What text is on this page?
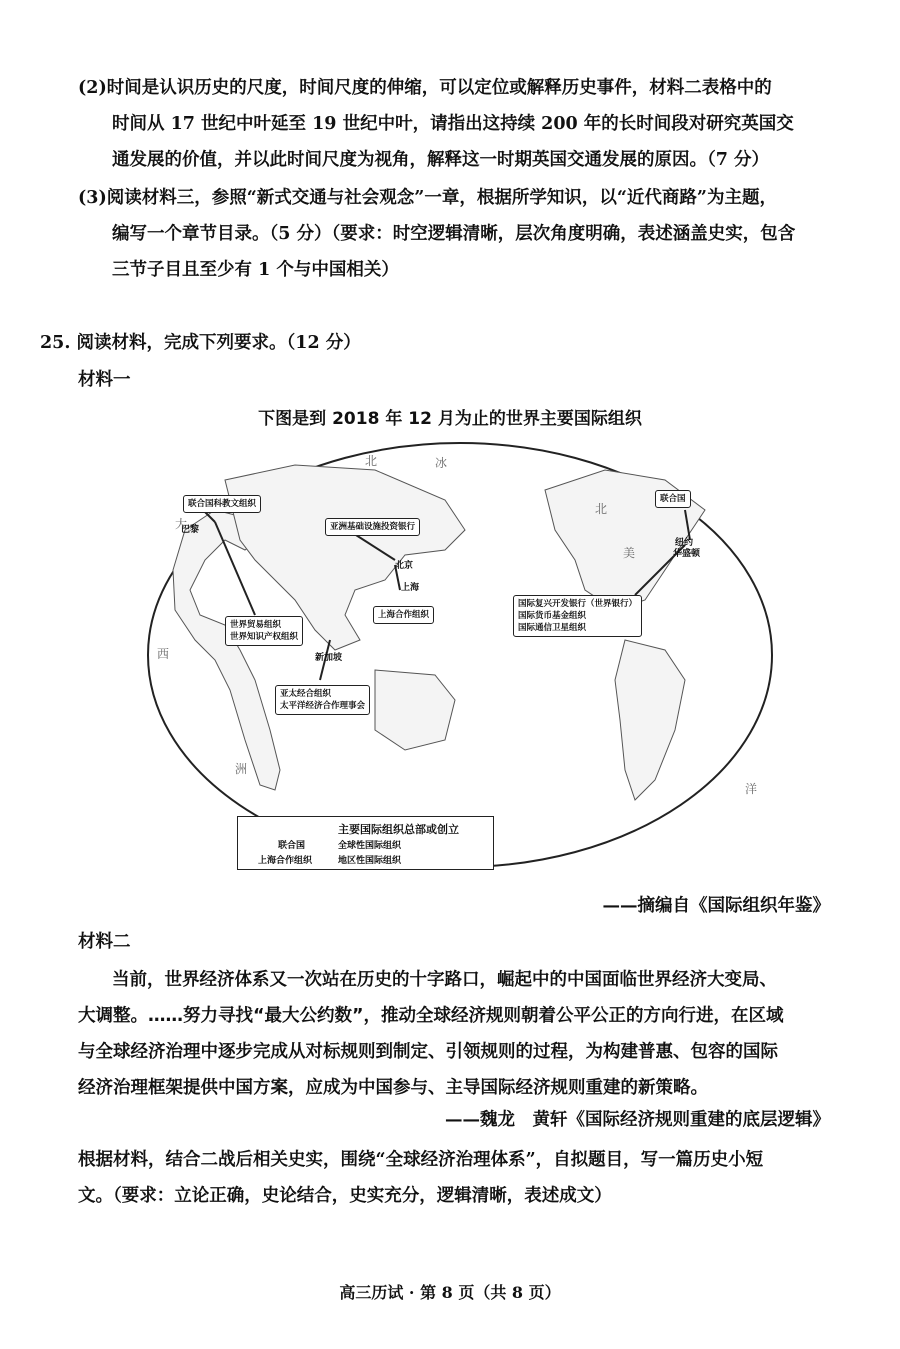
(2)时间是认识历史的尺度，时间尺度的伸缩，可以定位或解释历史事件，材料二表格中的
时间从 17 世纪中叶延至 19 世纪中叶，请指出这持续 200 年的长时间段对研究英国交
通发展的价值，并以此时间尺度为视角，解释这一时期英国交通发展的原因。（7 分）
(3)阅读材料三，参照“新式交通与社会观念”一章，根据所学知识，以“近代商路”为主题，
编写一个章节目录。（5 分）（要求：时空逻辑清晰，层次角度明确，表述涵盖史实，包含
三节子目且至少有 1 个与中国相关）
25. 阅读材料，完成下列要求。（12 分）
材料一
下图是到 2018 年 12 月为止的世界主要国际组织
联合国科教文组织
亚洲基础设施投资银行
上海合作组织
世界贸易组织
世界知识产权组织
亚太经合组织
太平洋经济合作理事会
联合国
国际复兴开发银行（世界银行）
国际货币基金组织
国际通信卫星组织
巴黎
北京
上海
新加坡
纽约
华盛顿
北	冰
大
西
北
美
洲
洋
主要国际组织总部或创立
联合国	全球性国际组织
上海合作组织	地区性国际组织
——摘编自《国际组织年鉴》
材料二
当前，世界经济体系又一次站在历史的十字路口，崛起中的中国面临世界经济大变局、
大调整。……努力寻找“最大公约数”，推动全球经济规则朝着公平公正的方向行进，在区域
与全球经济治理中逐步完成从对标规则到制定、引领规则的过程，为构建普惠、包容的国际
经济治理框架提供中国方案，应成为中国参与、主导国际经济规则重建的新策略。
——魏龙　黄轩《国际经济规则重建的底层逻辑》
根据材料，结合二战后相关史实，围绕“全球经济治理体系”，自拟题目，写一篇历史小短
文。（要求：立论正确，史论结合，史实充分，逻辑清晰，表述成文）
高三历试 · 第 8 页（共 8 页）
